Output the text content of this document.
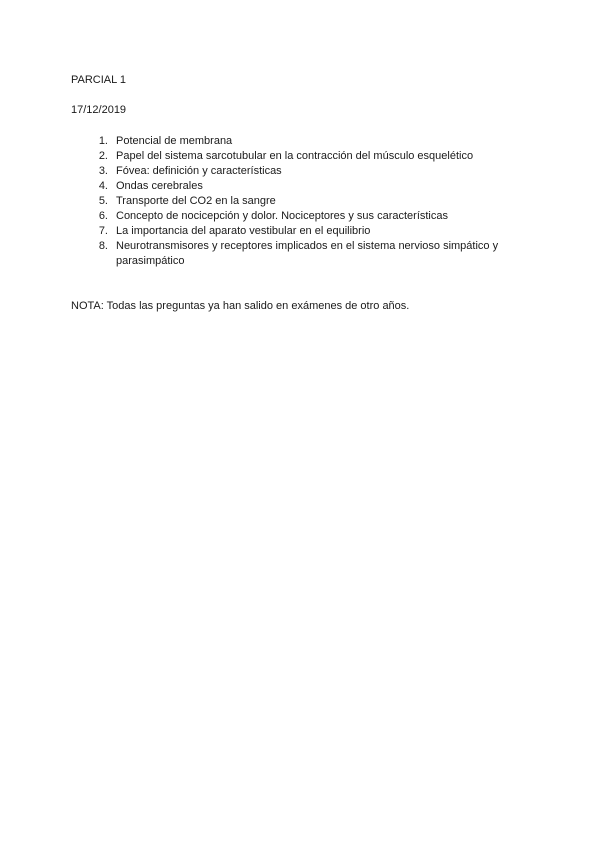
PARCIAL 1
17/12/2019
1. Potencial de membrana
2. Papel del sistema sarcotubular en la contracción del músculo esquelético
3. Fóvea: definición y características
4. Ondas cerebrales
5. Transporte del CO2 en la sangre
6. Concepto de nocicepción y dolor. Nociceptores y sus características
7. La importancia del aparato vestibular en el equilibrio
8. Neurotransmisores y receptores implicados en el sistema nervioso simpático y parasimpático
NOTA: Todas las preguntas ya han salido en exámenes de otro años.
